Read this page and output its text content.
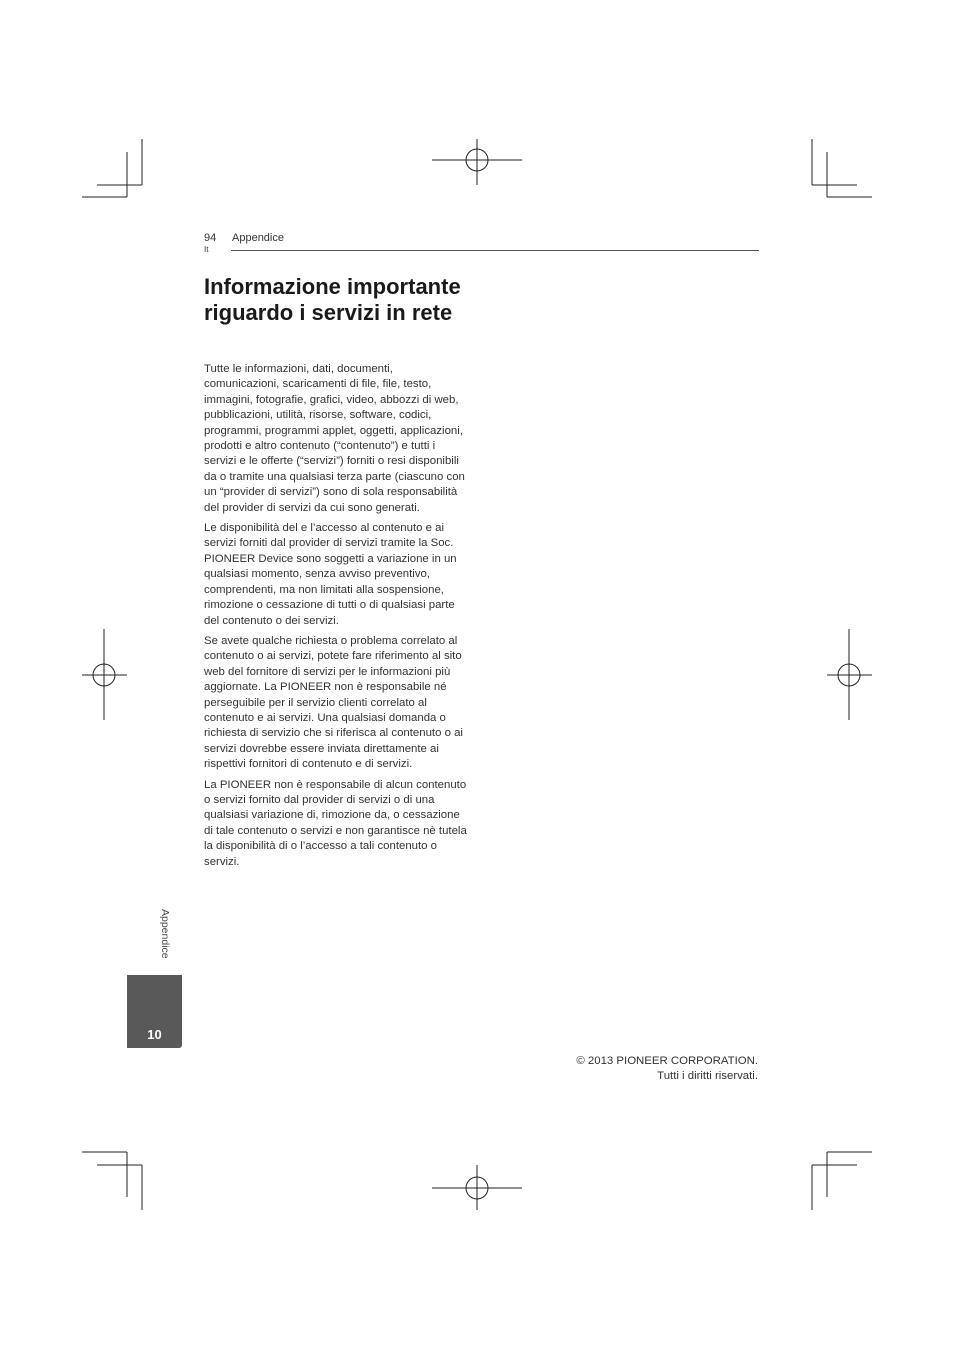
94
It
Appendice
Informazione importante riguardo i servizi in rete

Tutte le informazioni, dati, documenti, comunicazioni, scaricamenti di file, file, testo, immagini, fotografie, grafici, video, abbozzi di web, pubblicazioni, utilità, risorse, software, codici, programmi, programmi applet, oggetti, applicazioni, prodotti e altro contenuto (“contenuto”) e tutti i servizi e le offerte (“servizi”) forniti o resi disponibili da o tramite una qualsiasi terza parte (ciascuno con un “provider di servizi”) sono di sola responsabilità del provider di servizi da cui sono generati.

Le disponibilità del e l’accesso al contenuto e ai servizi forniti dal provider di servizi tramite la Soc. PIONEER Device sono soggetti a variazione in un qualsiasi momento, senza avviso preventivo, comprendenti, ma non limitati alla sospensione, rimozione o cessazione di tutti o di qualsiasi parte del contenuto o dei servizi.

Se avete qualche richiesta o problema correlato al contenuto o ai servizi, potete fare riferimento al sito web del fornitore di servizi per le informazioni più aggiornate. La PIONEER non è responsabile né perseguibile per il servizio clienti correlato al contenuto e ai servizi. Una qualsiasi domanda o richiesta di servizio che si riferisca al contenuto o ai servizi dovrebbe essere inviata direttamente ai rispettivi fornitori di contenuto e di servizi.

La PIONEER non è responsabile di alcun contenuto o servizi fornito dal provider di servizi o di una qualsiasi variazione di, rimozione da, o cessazione di tale contenuto o servizi e non garantisce nè tutela la disponibilità di o l’accesso a tali contenuto o servizi.

Appendice
10
© 2013 PIONEER CORPORATION.
Tutti i diritti riservati.
